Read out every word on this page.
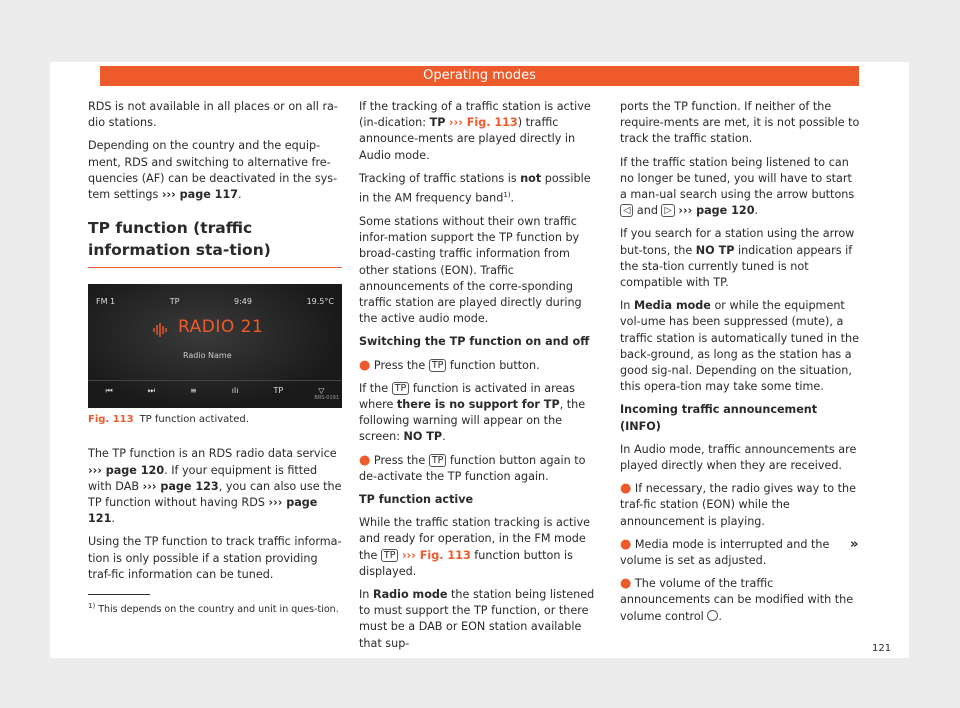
Operating modes

RDS is not available in all places or on all ra-dio stations.

Depending on the country and the equip-ment, RDS and switching to alternative fre-quencies (AF) can be deactivated in the sys-tem settings ››› page 117.

TP function (traffic information sta-tion)
FM 1	TP	9:49	19.5°C
RADIO 21
Radio Name
⏮	⏭	≡	ılı	TP	▽
BRS-0191
Fig. 113 TP function activated.

The TP function is an RDS radio data service ››› page 120. If your equipment is fitted with DAB ››› page 123, you can also use the TP function without having RDS ››› page 121.

Using the TP function to track traffic informa-tion is only possible if a station providing traf-fic information can be tuned.

If the tracking of a traffic station is active (in-dication: TP ››› Fig. 113) traffic announce-ments are played directly in Audio mode.

Tracking of traffic stations is not possible in the AM frequency band$^{1)}$.

Some stations without their own traffic infor-mation support the TP function by broad-casting traffic information from other stations (EON). Traffic announcements of the corre-sponding traffic station are played directly during the active audio mode.

Switching the TP function on and off

● Press the TP function button.

If the TP function is activated in areas where there is no support for TP, the following warning will appear on the screen: NO TP.

● Press the TP function button again to de-activate the TP function again.

TP function active

While the traffic station tracking is active and ready for operation, in the FM mode the TP ››› Fig. 113 function button is displayed.

In Radio mode the station being listened to must support the TP function, or there must be a DAB or EON station available that sup-

ports the TP function. If neither of the require-ments are met, it is not possible to track the traffic station.

If the traffic station being listened to can no longer be tuned, you will have to start a man-ual search using the arrow buttons ◁ and ▷ ››› page 120.

If you search for a station using the arrow but-tons, the NO TP indication appears if the sta-tion currently tuned is not compatible with TP.

In Media mode or while the equipment vol-ume has been suppressed (mute), a traffic station is automatically tuned in the back-ground, as long as the station has a good sig-nal. Depending on the situation, this opera-tion may take some time.

Incoming traffic announcement (INFO)

In Audio mode, traffic announcements are played directly when they are received.

● If necessary, the radio gives way to the traf-fic station (EON) while the announcement is playing.

● Media mode is interrupted and the volume is set as adjusted.

● The volume of the traffic announcements can be modified with the volume control .

»
$^{1)}$ This depends on the country and unit in ques-tion.
121
